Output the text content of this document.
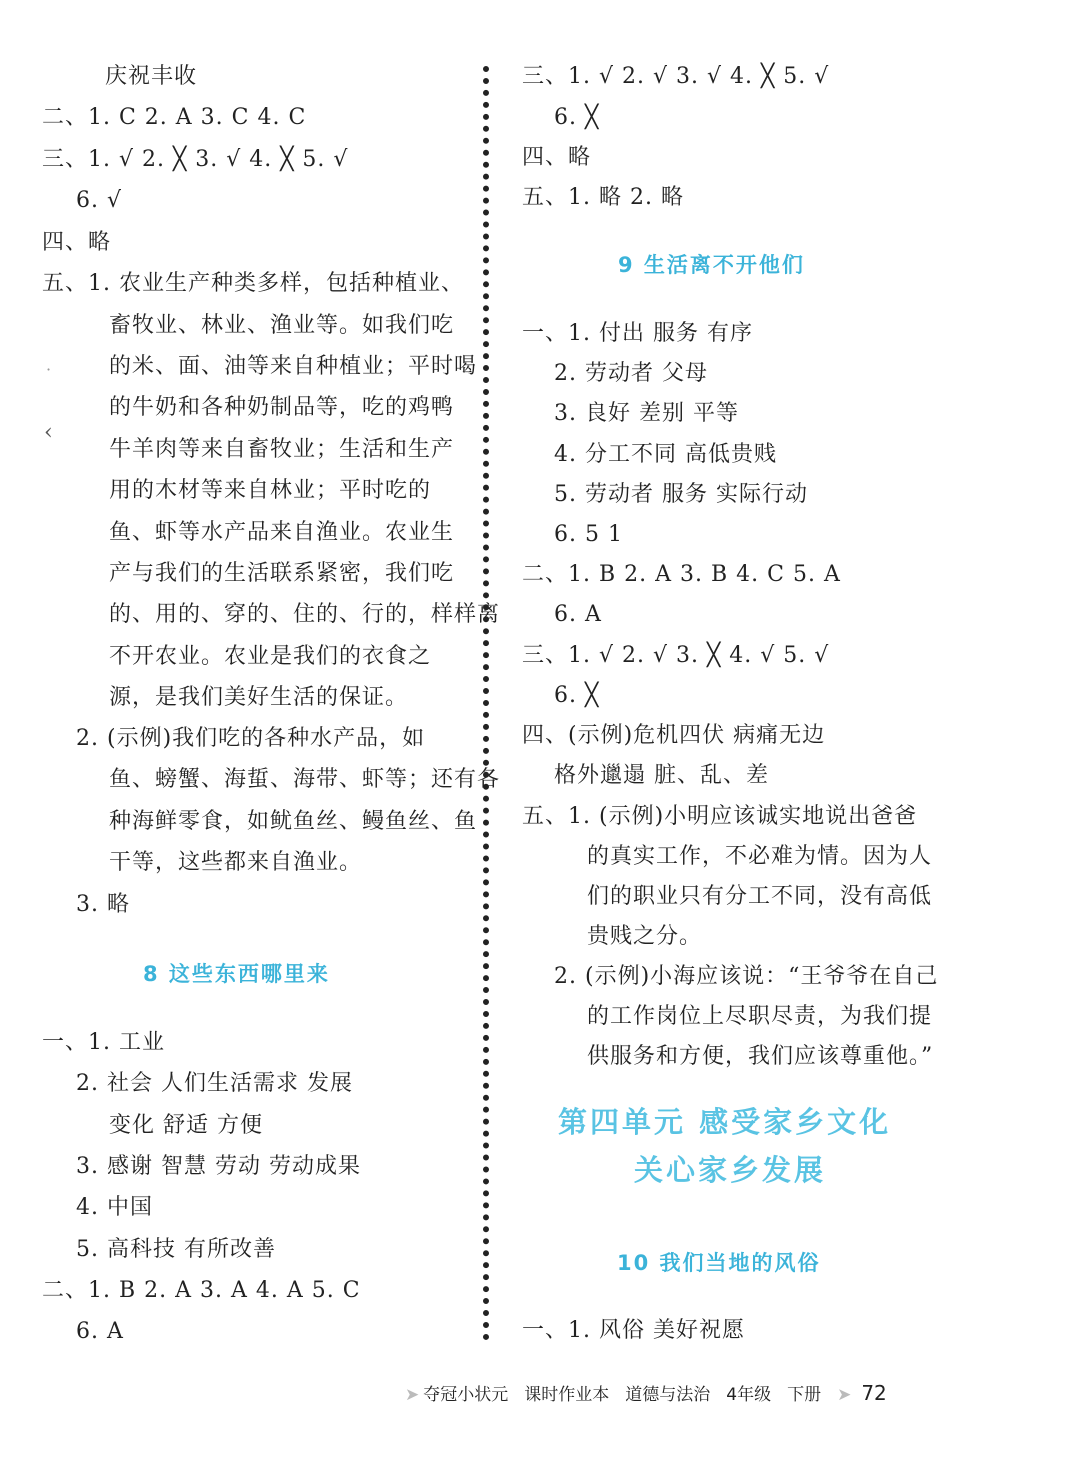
庆祝丰收
二、1. C 2. A 3. C 4. C
三、1. √ 2. ╳ 3. √ 4. ╳ 5. √
6. √
四、略
五、1. 农业生产种类多样，包括种植业、
畜牧业、林业、渔业等。如我们吃
的米、面、油等来自种植业；平时喝
的牛奶和各种奶制品等，吃的鸡鸭
牛羊肉等来自畜牧业；生活和生产
用的木材等来自林业；平时吃的
鱼、虾等水产品来自渔业。农业生
产与我们的生活联系紧密，我们吃
的、用的、穿的、住的、行的，样样离
不开农业。农业是我们的衣食之
源，是我们美好生活的保证。
2. (示例)我们吃的各种水产品，如
鱼、螃蟹、海蜇、海带、虾等；还有各
种海鲜零食，如鱿鱼丝、鳗鱼丝、鱼
干等，这些都来自渔业。
3. 略
一、1. 工业
2. 社会 人们生活需求 发展
变化 舒适 方便
3. 感谢 智慧 劳动 劳动成果
4. 中国
5. 高科技 有所改善
二、1. B 2. A 3. A 4. A 5. C
6. A
8 这些东西哪里来
三、1. √ 2. √ 3. √ 4. ╳ 5. √
6. ╳
四、略
五、1. 略 2. 略
一、1. 付出 服务 有序
2. 劳动者 父母
3. 良好 差别 平等
4. 分工不同 高低贵贱
5. 劳动者 服务 实际行动
6. 5 1
二、1. B 2. A 3. B 4. C 5. A
6. A
三、1. √ 2. √ 3. ╳ 4. √ 5. √
6. ╳
四、(示例)危机四伏 病痛无边
格外邋遢 脏、乱、差
五、1. (示例)小明应该诚实地说出爸爸
的真实工作，不必难为情。因为人
们的职业只有分工不同，没有高低
贵贱之分。
2. (示例)小海应该说：“王爷爷在自己
的工作岗位上尽职尽责，为我们提
供服务和方便，我们应该尊重他。”
一、1. 风俗 美好祝愿
9 生活离不开他们
10 我们当地的风俗
第四单元 感受家乡文化
关心家乡发展
·
‹
➤ 夺冠小状元 课时作业本 道德与法治 4年级 下册 ➤ 72
